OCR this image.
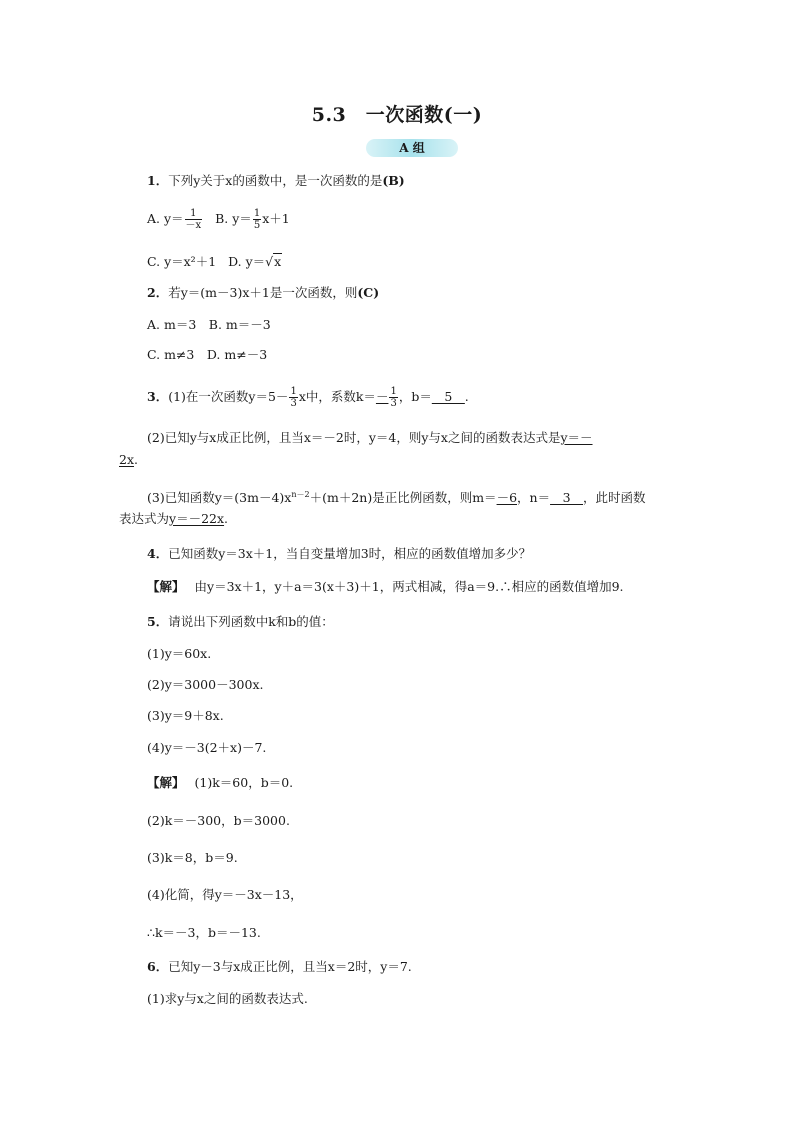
5.3　一次函数(一)
A 组
1．下列y关于x的函数中，是一次函数的是(B)
A. $y= \frac{1}{-x} B$. $y= \frac{1}{5} x+1$
C. y＝x²＋1 D. y＝√x
2．若y＝(m－3)x＋1是一次函数，则(C)
A. m＝3　B. m＝－3
C. m≠3　D. m≠－3
3．(1)在一次函数$y=5- \frac{1}{3}$ x中，系数$k=- \frac{1}{3}$ ，b＝__5__.
(2)已知y与x成正比例，且当x＝－2时，y＝4，则y与x之间的函数表达式是y＝－
2x.
(3)已知函数$y=(3m-4)x^{n-2}+(m+2n)$是正比例函数，则m＝－6，n＝__3__，此时函数
表达式为y＝－22x.
4．已知函数y＝3x＋1，当自变量增加3时，相应的函数值增加多少？
【解】 由y＝3x＋1，y＋a＝3(x＋3)＋1，两式相减，得a＝9.∴相应的函数值增加9.
5．请说出下列函数中k和b的值：
(1)y＝60x.
(2)y＝3000－300x.
(3)y＝9＋8x.
(4)y＝－3(2＋x)－7.
【解】 (1)k＝60，b＝0.
(2)k＝－300，b＝3000.
(3)k＝8，b＝9.
(4)化简，得y＝－3x－13，
∴k＝－3，b＝－13.
6．已知y－3与x成正比例，且当x＝2时，y＝7.
(1)求y与x之间的函数表达式.
